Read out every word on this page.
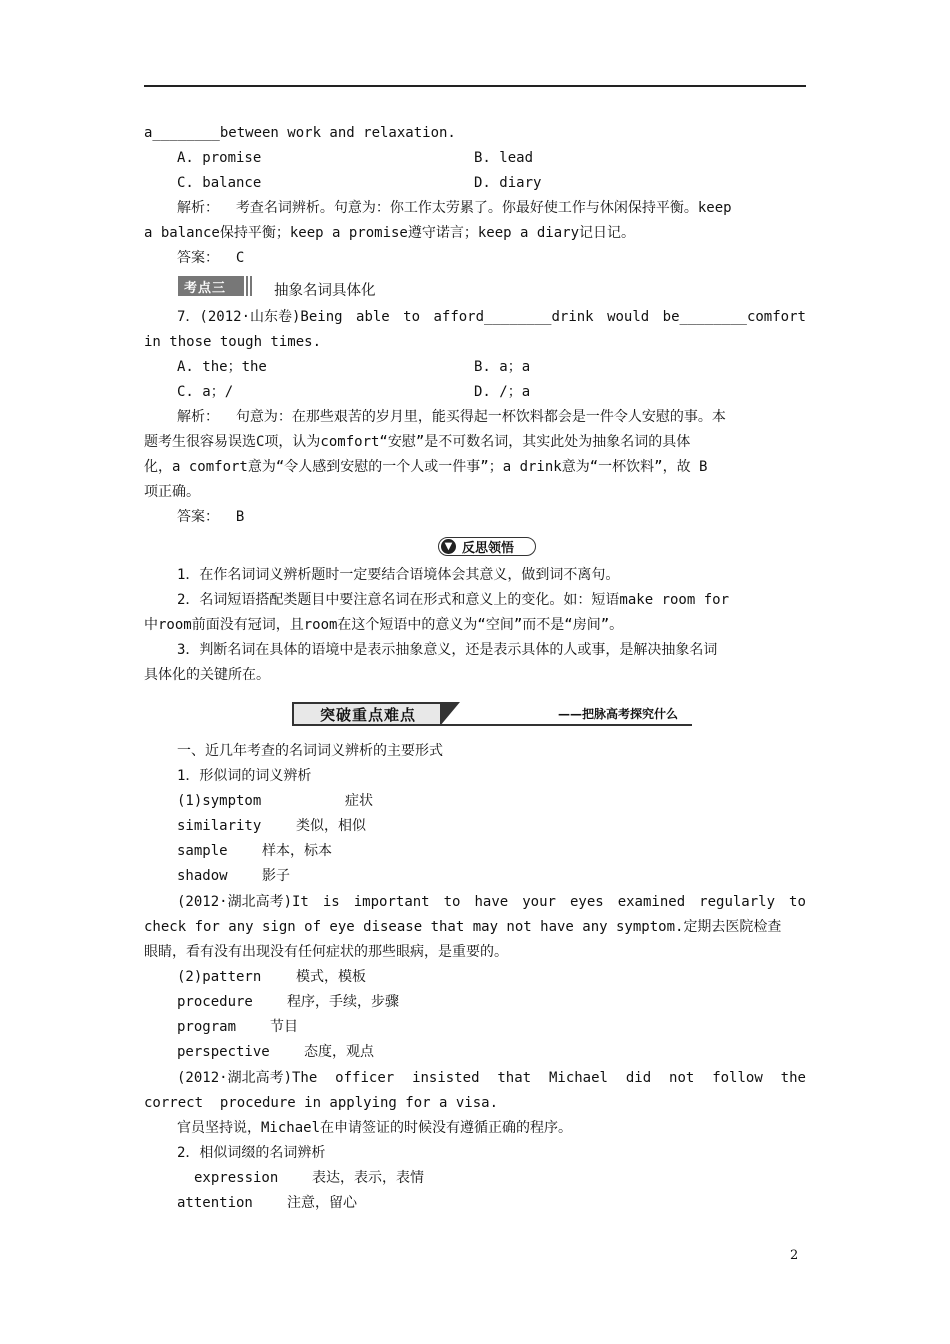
a________between work and relaxation.
A. promise	B. lead
C. balance	D. diary
解析：  考查名词辨析。句意为：你工作太劳累了。你最好使工作与休闲保持平衡。keep
a balance保持平衡；keep a promise遵守诺言；keep a diary记日记。
答案：  C
考点三	抽象名词具体化
7．(2012·山东卷)Being able to afford________drink would be________comfort
in those tough times.
A. the；the	B. a；a
C. a；/	D. /；a
解析：  句意为：在那些艰苦的岁月里，能买得起一杯饮料都会是一件令人安慰的事。本
题考生很容易误选C项，认为comfort“安慰”是不可数名词，其实此处为抽象名词的具体
化，a comfort意为“令人感到安慰的一个人或一件事”；a drink意为“一杯饮料”，故 B
项正确。
答案：  B
▼ 反思领悟
1．在作名词词义辨析题时一定要结合语境体会其意义，做到词不离句。
2．名词短语搭配类题目中要注意名词在形式和意义上的变化。如：短语make room for
中room前面没有冠词，且room在这个短语中的意义为“空间”而不是“房间”。
3．判断名词在具体的语境中是表示抽象意义，还是表示具体的人或事，是解决抽象名词
具体化的关键所在。
突破重点难点	——把脉高考探究什么
一、近几年考查的名词词义辨析的主要形式
1．形似词的词义辨析
(1)symptom	症状
similarity 类似，相似
sample 样本，标本
shadow 影子
(2012·湖北高考)It is important to have your eyes examined regularly to
check for any sign of eye disease that may not have any symptom.定期去医院检查
眼睛，看有没有出现没有任何症状的那些眼病，是重要的。
(2)pattern 模式，模板
procedure 程序，手续，步骤
program 节目
perspective 态度，观点
(2012·湖北高考)The officer insisted that Michael did not follow the
correct  procedure in applying for a visa.
官员坚持说，Michael在申请签证的时候没有遵循正确的程序。
2．相似词缀的名词辨析
expression 表达，表示，表情
attention 注意，留心
2
